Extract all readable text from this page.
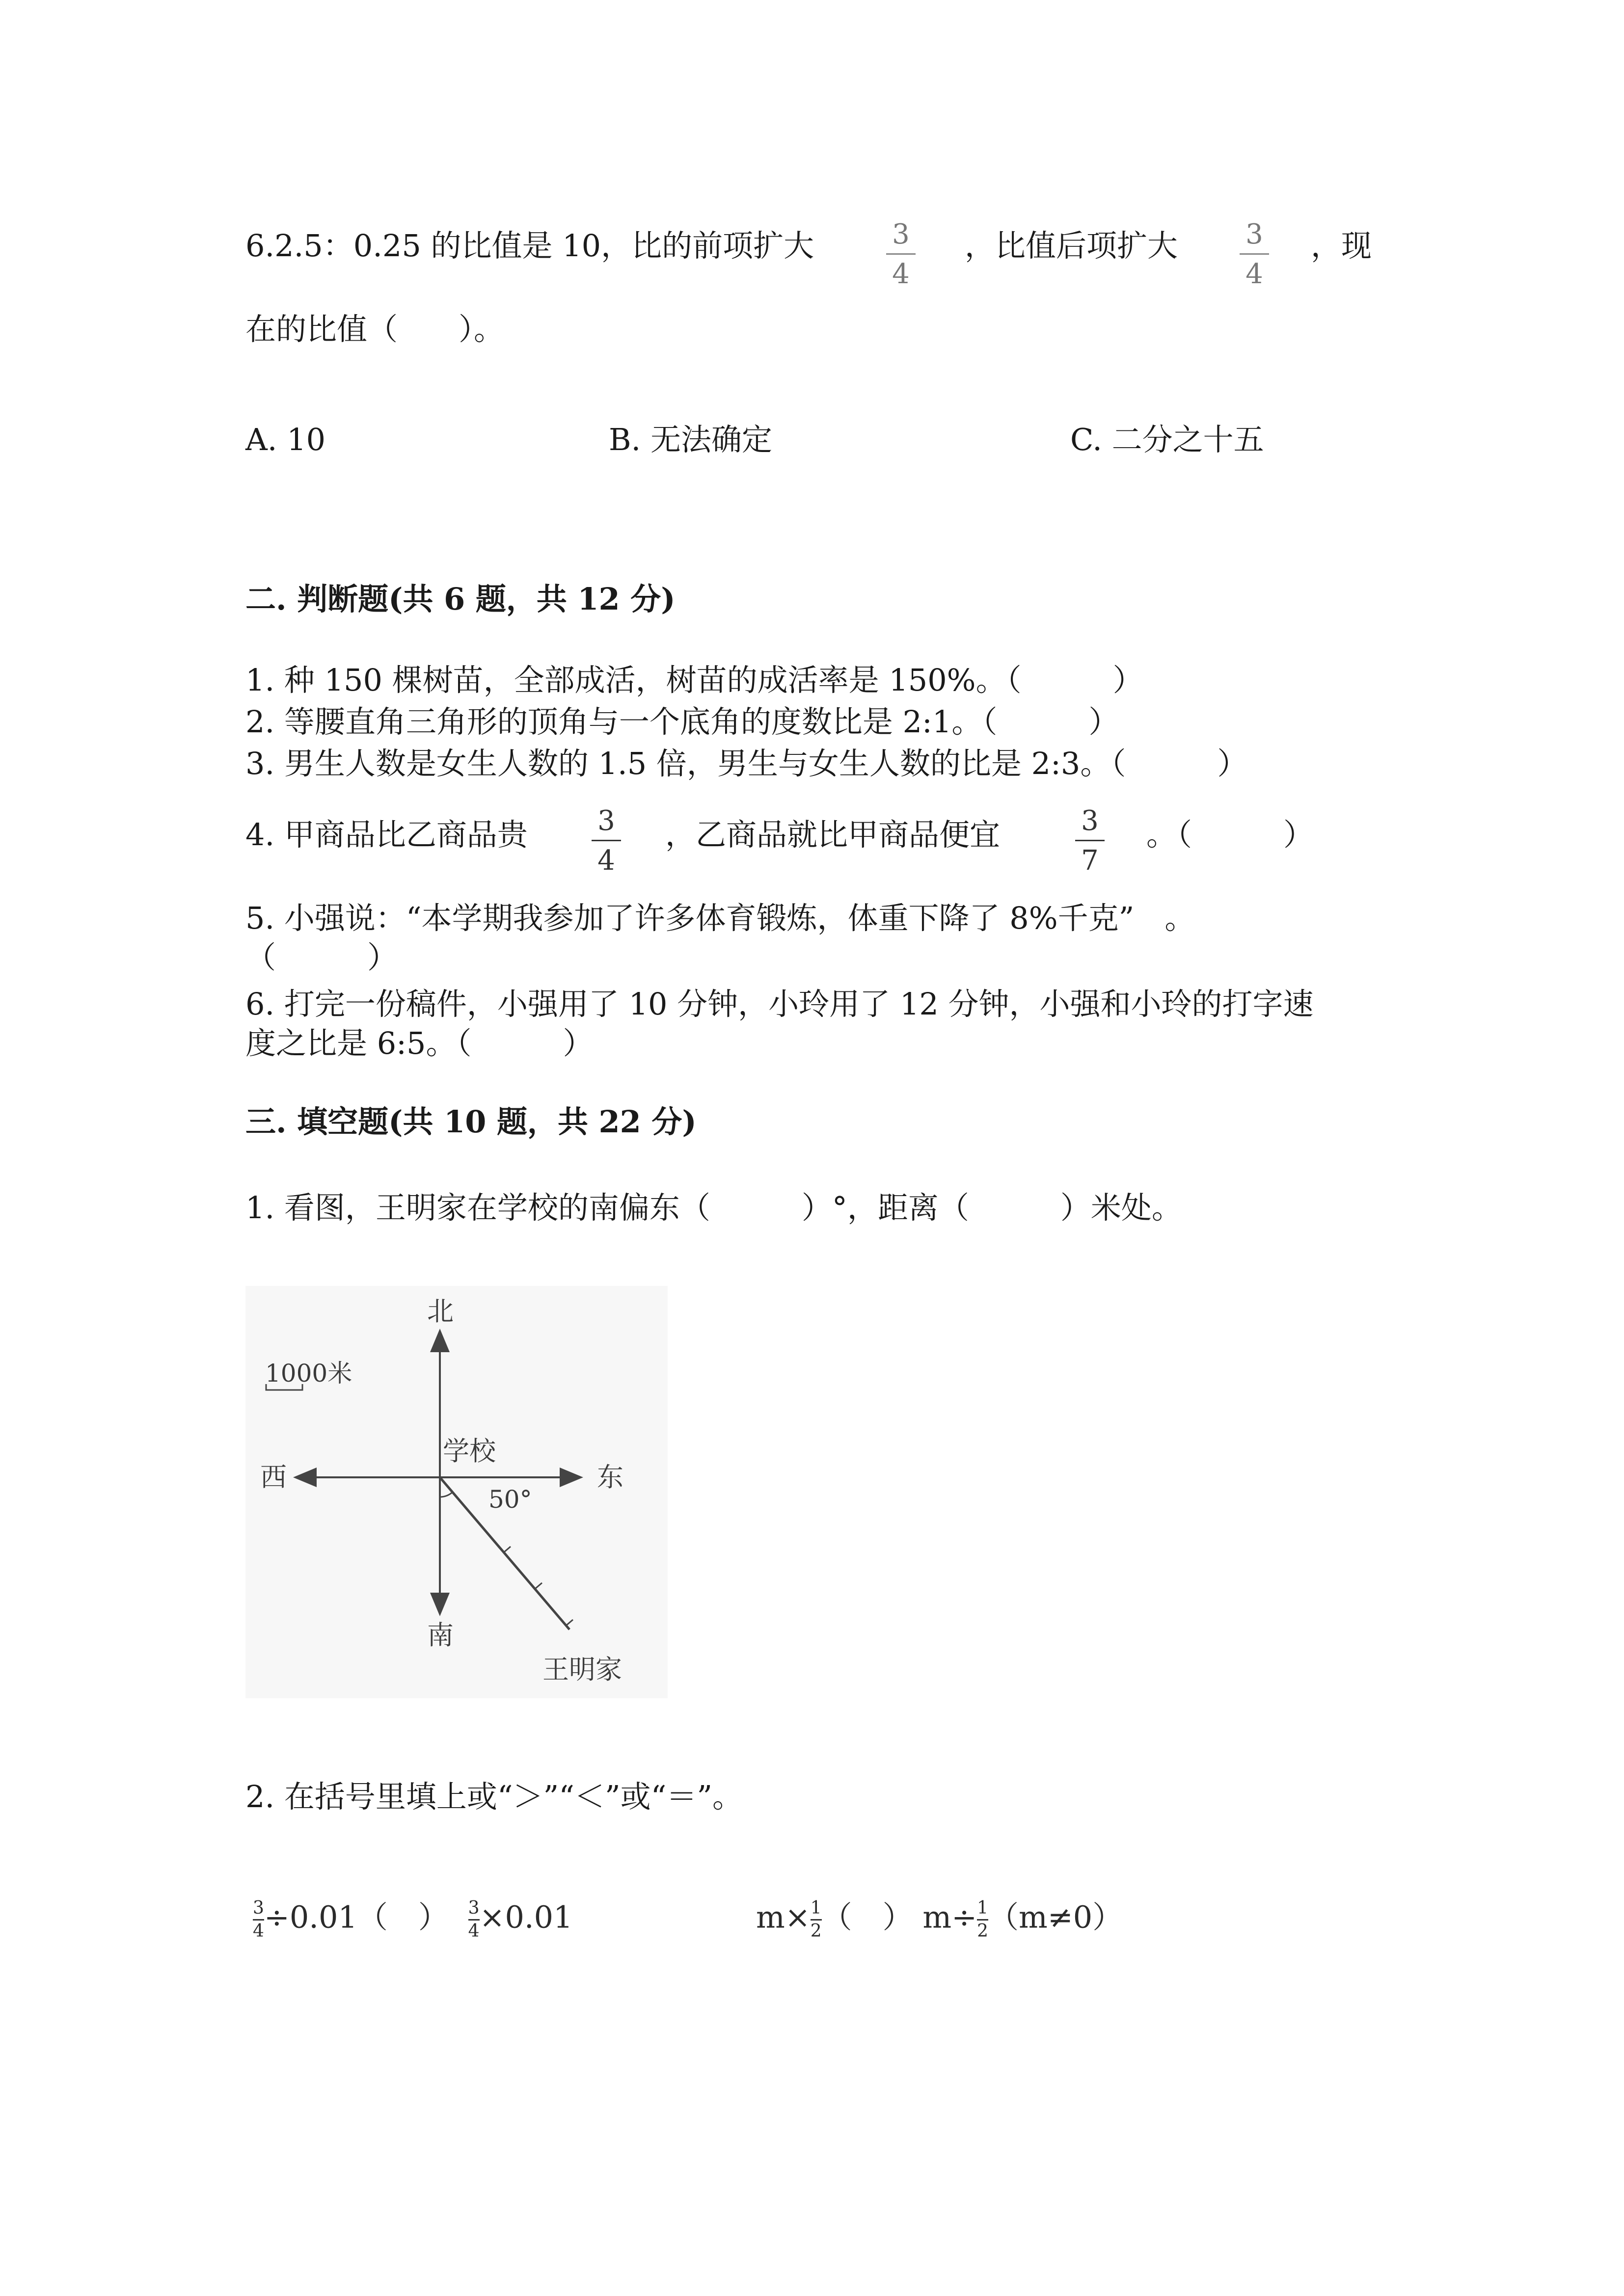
6.2.5：0.25 的比值是 10，比的前项扩大	3
4
，比值后项扩大 3
4
，现
在的比值（　　）。
A. 10	B. 无法确定	C. 二分之十五
二. 判断题(共 6 题，共 12 分)
1. 种 150 棵树苗，全部成活，树苗的成活率是 150%。（　　　）
2. 等腰直角三角形的顶角与一个底角的度数比是 2:1。（　　　）
3. 男生人数是女生人数的 1.5 倍，男生与女生人数的比是 2:3。（　　　）
4. 甲商品比乙商品贵	3
4
，乙商品就比甲商品便宜	3
7
。（　　　）
5. 小强说：“本学期我参加了许多体育锻炼，体重下降了 8%千克”　。
（　　　）
6. 打完一份稿件，小强用了 10 分钟，小玲用了 12 分钟，小强和小玲的打字速
度之比是 6:5。（　　　）
三. 填空题(共 10 题，共 22 分)
1. 看图，王明家在学校的南偏东（　　　）°，距离（　　　）米处。
1000米
北
南
东
西
学校
50°
王明家
2. 在括号里填上或“＞”“＜”或“＝”。
$\frac{3}{4}\div 0.01$（　） $\frac{3}{4}\times 0.01$	$m\times\frac{1}{2}$（　） $m\div\frac{1}{2}(m\ne 0)$
